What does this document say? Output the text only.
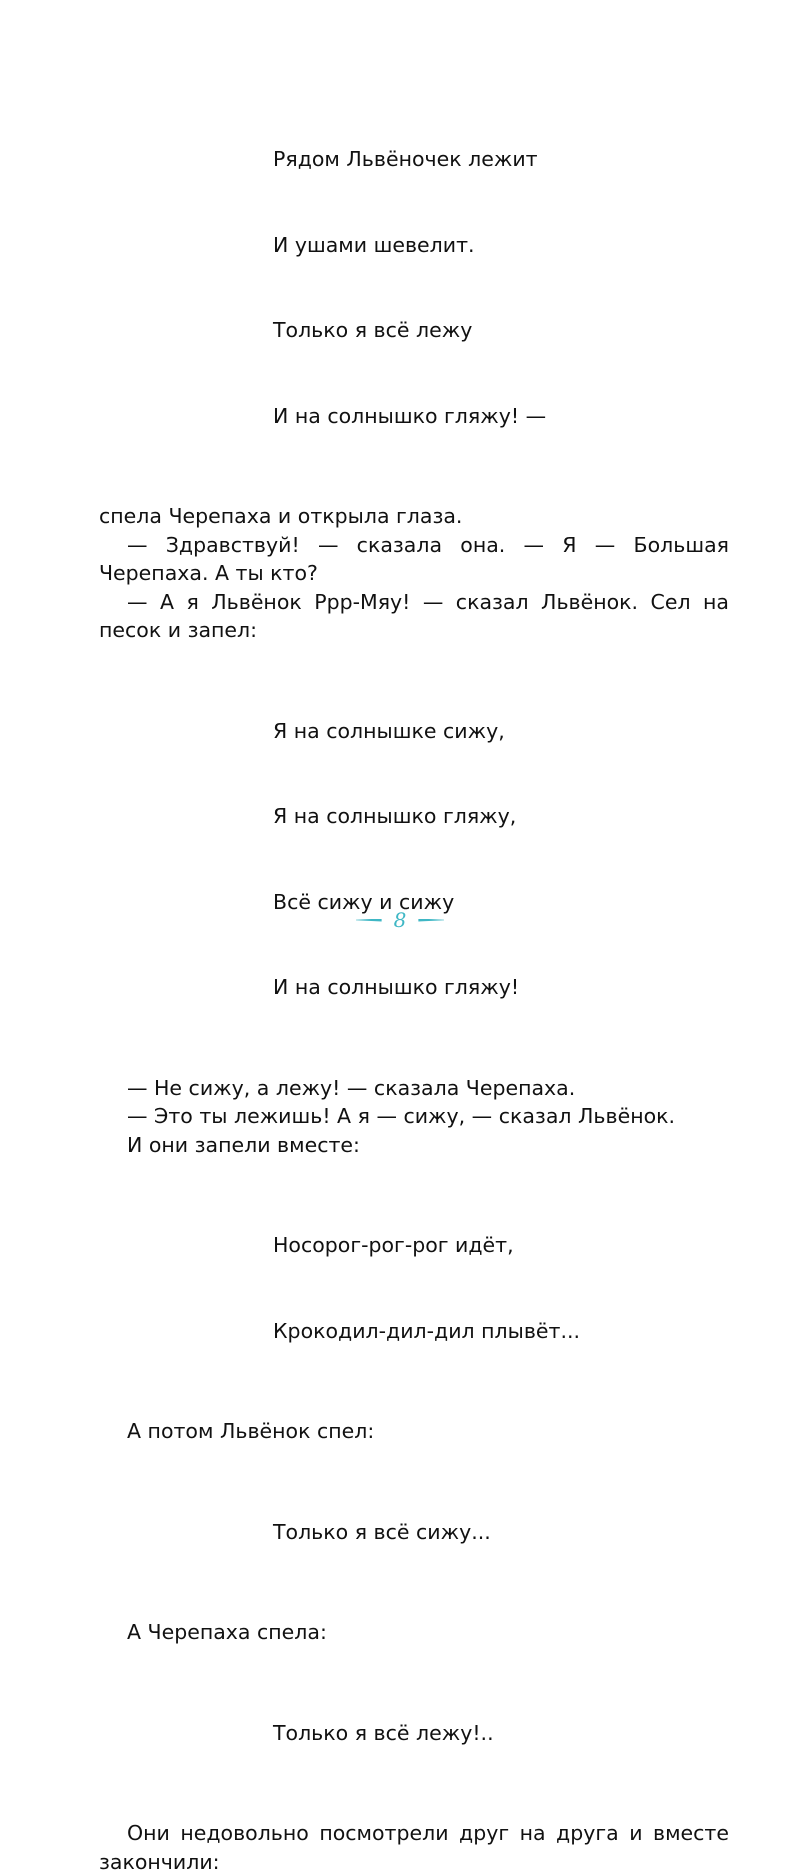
Рядом Львёночек лежит

И ушами шевелит.

Только я всё лежу

И на солнышко гляжу! —

спела Черепаха и открыла глаза.
— Здравствуй! — сказала она. — Я — Большая Черепаха. А ты кто?
— А я Львёнок Ррр-Мяу! — сказал Львёнок. Сел на песок и запел:

Я на солнышке сижу,

Я на солнышко гляжу,

Всё сижу и сижу

И на солнышко гляжу!

— Не сижу, а лежу! — сказала Черепаха.
— Это ты лежишь! А я — сижу, — сказал Львёнок.
И они запели вместе:

Носорог-рог-рог идёт,

Крокодил-дил-дил плывёт...

А потом Львёнок спел:

Только я всё сижу...

А Черепаха спела:

Только я всё лежу!..

Они недовольно посмотрели друг на друга и вместе закончили:
8
